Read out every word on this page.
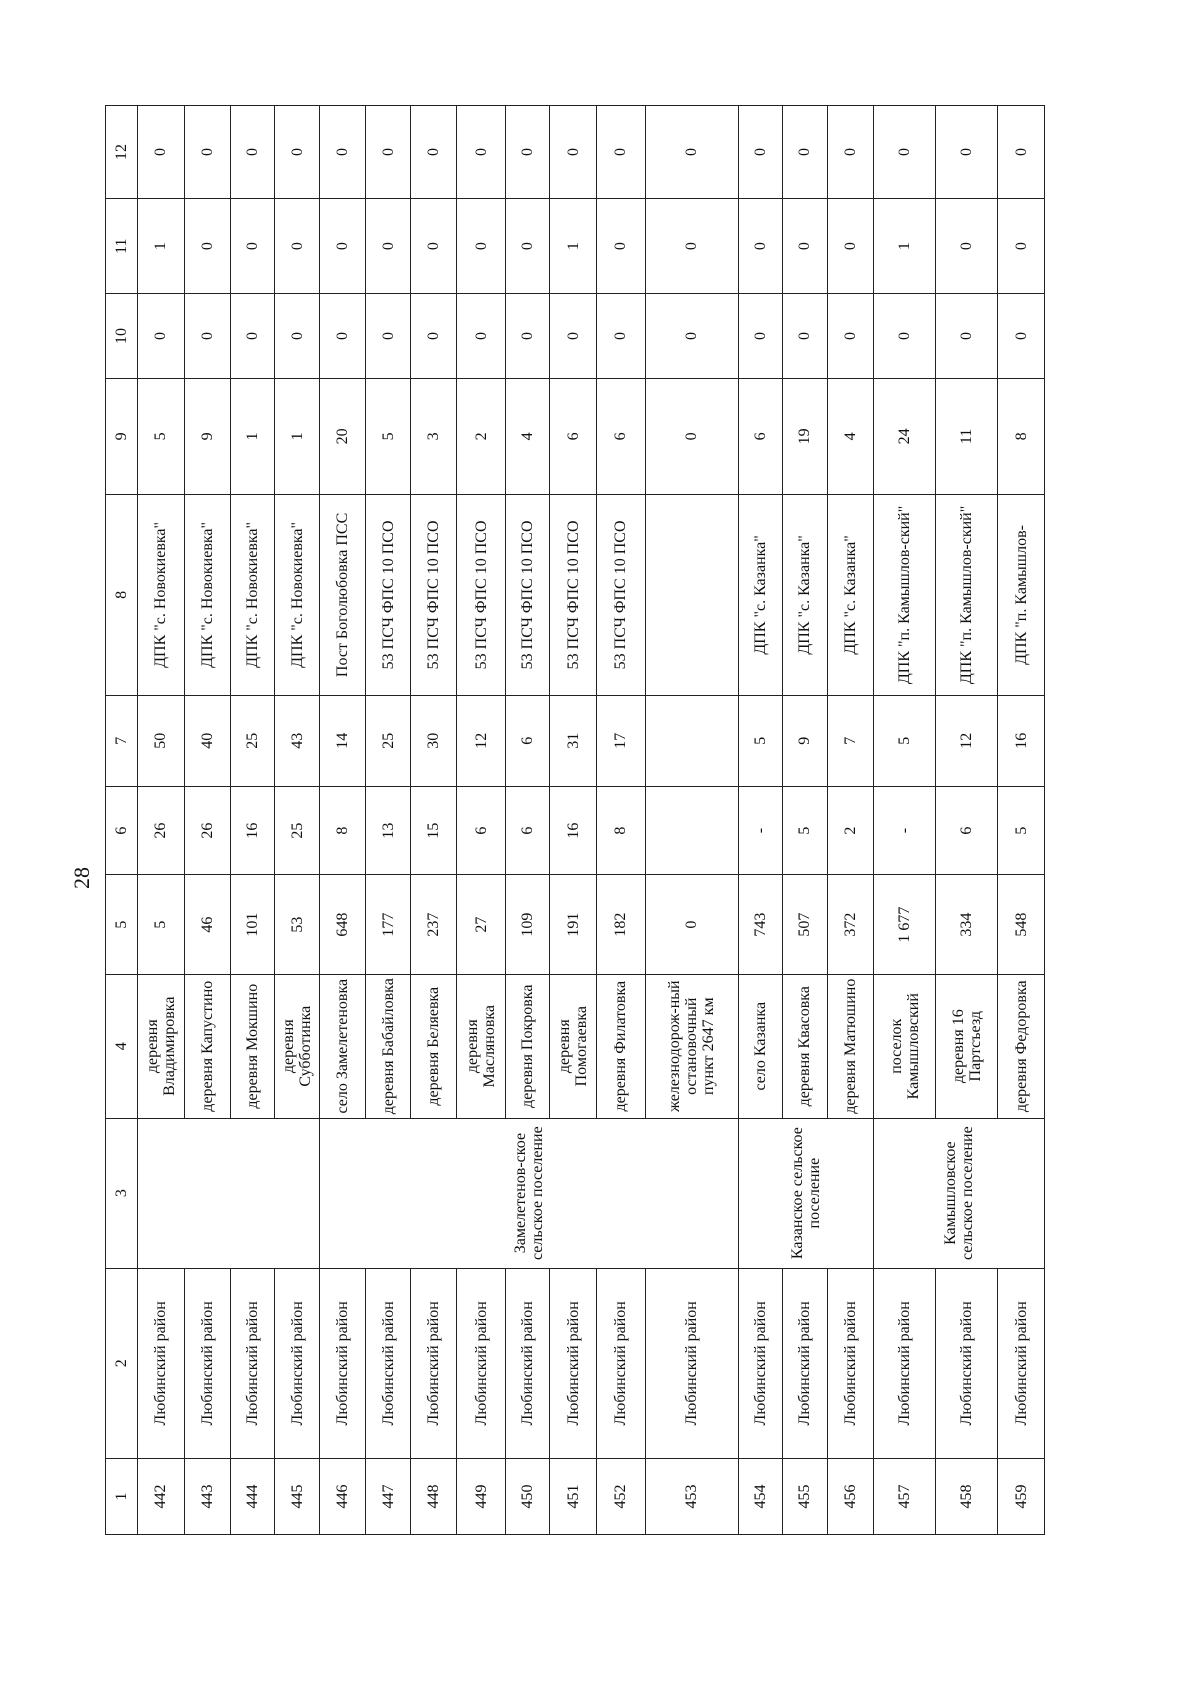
28
1	2	3	4	5	6	7	8	9	10	11	12
442	Любинский район		деревня Владимировка	5	26	50	ДПК "с. Новокиевка"	5	0	1	0
443	Любинский район		деревня Капустино	46	26	40	ДПК "с. Новокиевка"	9	0	0	0
444	Любинский район		деревня Мокшино	101	16	25	ДПК "с. Новокиевка"	1	0	0	0
445	Любинский район		деревня Субботинка	53	25	43	ДПК "с. Новокиевка"	1	0	0	0
446	Любинский район	Замелетенов-ское сельское поселение	село Замелетеновка	648	8	14	Пост Боголюбовка ПСС	20	0	0	0
447	Любинский район		деревня Бабайловка	177	13	25	53 ПСЧ ФПС 10 ПСО	5	0	0	0
448	Любинский район		деревня Беляевка	237	15	30	53 ПСЧ ФПС 10 ПСО	3	0	0	0
449	Любинский район		деревня Масляновка	27	6	12	53 ПСЧ ФПС 10 ПСО	2	0	0	0
450	Любинский район		деревня Покровка	109	6	6	53 ПСЧ ФПС 10 ПСО	4	0	0	0
451	Любинский район		деревня Помогаевка	191	16	31	53 ПСЧ ФПС 10 ПСО	6	0	1	0
452	Любинский район		деревня Филатовка	182	8	17	53 ПСЧ ФПС 10 ПСО	6	0	0	0
453	Любинский район		железнодорож-ный остановочный пункт 2647 км	0				0	0	0	0
454	Любинский район	Казанское сельское поселение	село Казанка	743	-	5	ДПК "с. Казанка"	6	0	0	0
455	Любинский район		деревня Квасовка	507	5	9	ДПК "с. Казанка"	19	0	0	0
456	Любинский район		деревня Матюшино	372	2	7	ДПК "с. Казанка"	4	0	0	0
457	Любинский район	Камышловское сельское поселение	поселок Камышловский	1 677	-	5	ДПК "п. Камышлов-ский"	24	0	1	0
458	Любинский район		деревня 16 Партсъезд	334	6	12	ДПК "п. Камышлов-ский"	11	0	0	0
459	Любинский район		деревня Федоровка	548	5	16	ДПК "п. Камышлов-	8	0	0	0
